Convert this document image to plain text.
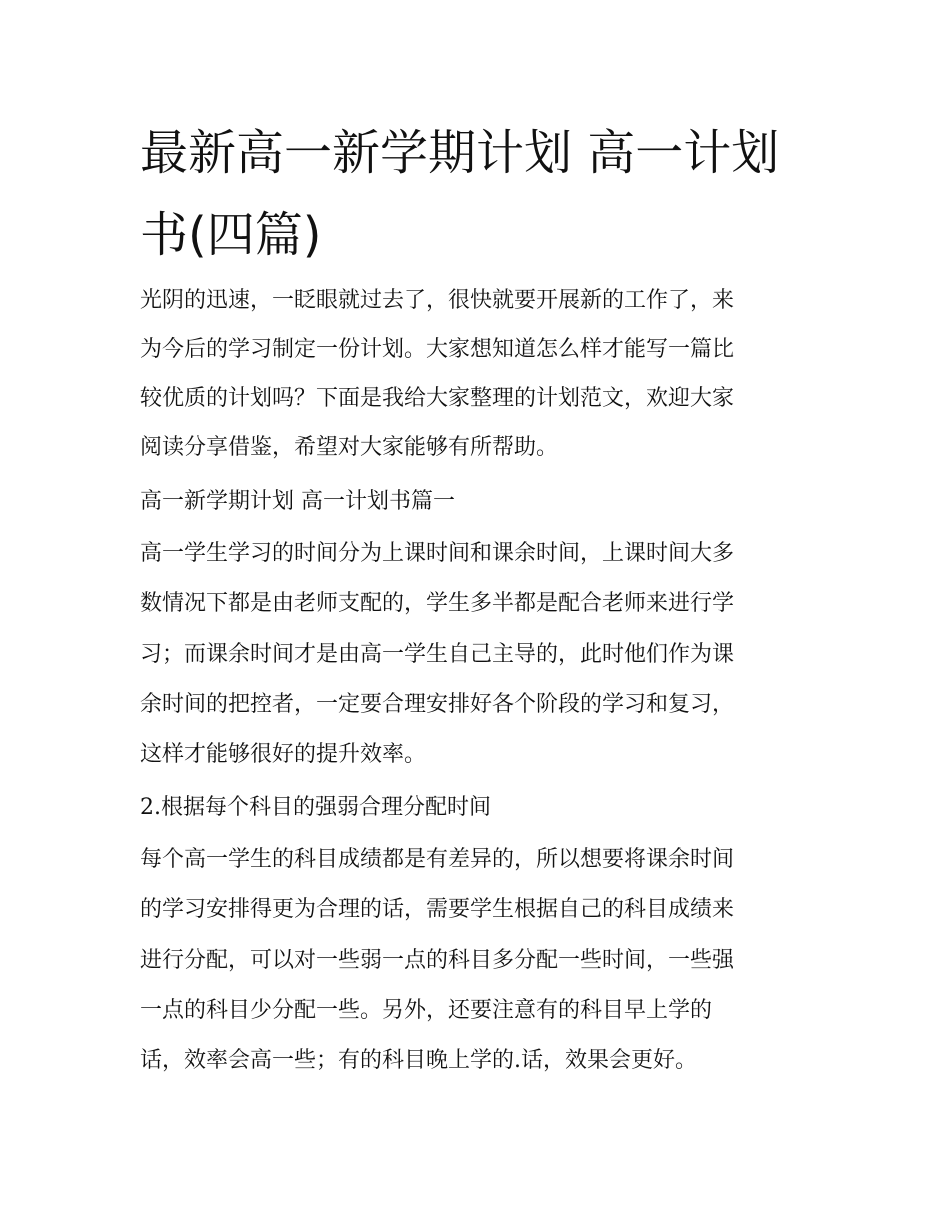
最新高一新学期计划 高一计划
书(四篇)

光阴的迅速，一眨眼就过去了，很快就要开展新的工作了，来

为今后的学习制定一份计划。大家想知道怎么样才能写一篇比

较优质的计划吗？下面是我给大家整理的计划范文，欢迎大家

阅读分享借鉴，希望对大家能够有所帮助。

高一新学期计划 高一计划书篇一

高一学生学习的时间分为上课时间和课余时间，上课时间大多

数情况下都是由老师支配的，学生多半都是配合老师来进行学

习；而课余时间才是由高一学生自己主导的，此时他们作为课

余时间的把控者，一定要合理安排好各个阶段的学习和复习，

这样才能够很好的提升效率。

2.根据每个科目的强弱合理分配时间

每个高一学生的科目成绩都是有差异的，所以想要将课余时间

的学习安排得更为合理的话，需要学生根据自己的科目成绩来

进行分配，可以对一些弱一点的科目多分配一些时间，一些强

一点的科目少分配一些。另外，还要注意有的科目早上学的

话，效率会高一些；有的科目晚上学的.话，效果会更好。
